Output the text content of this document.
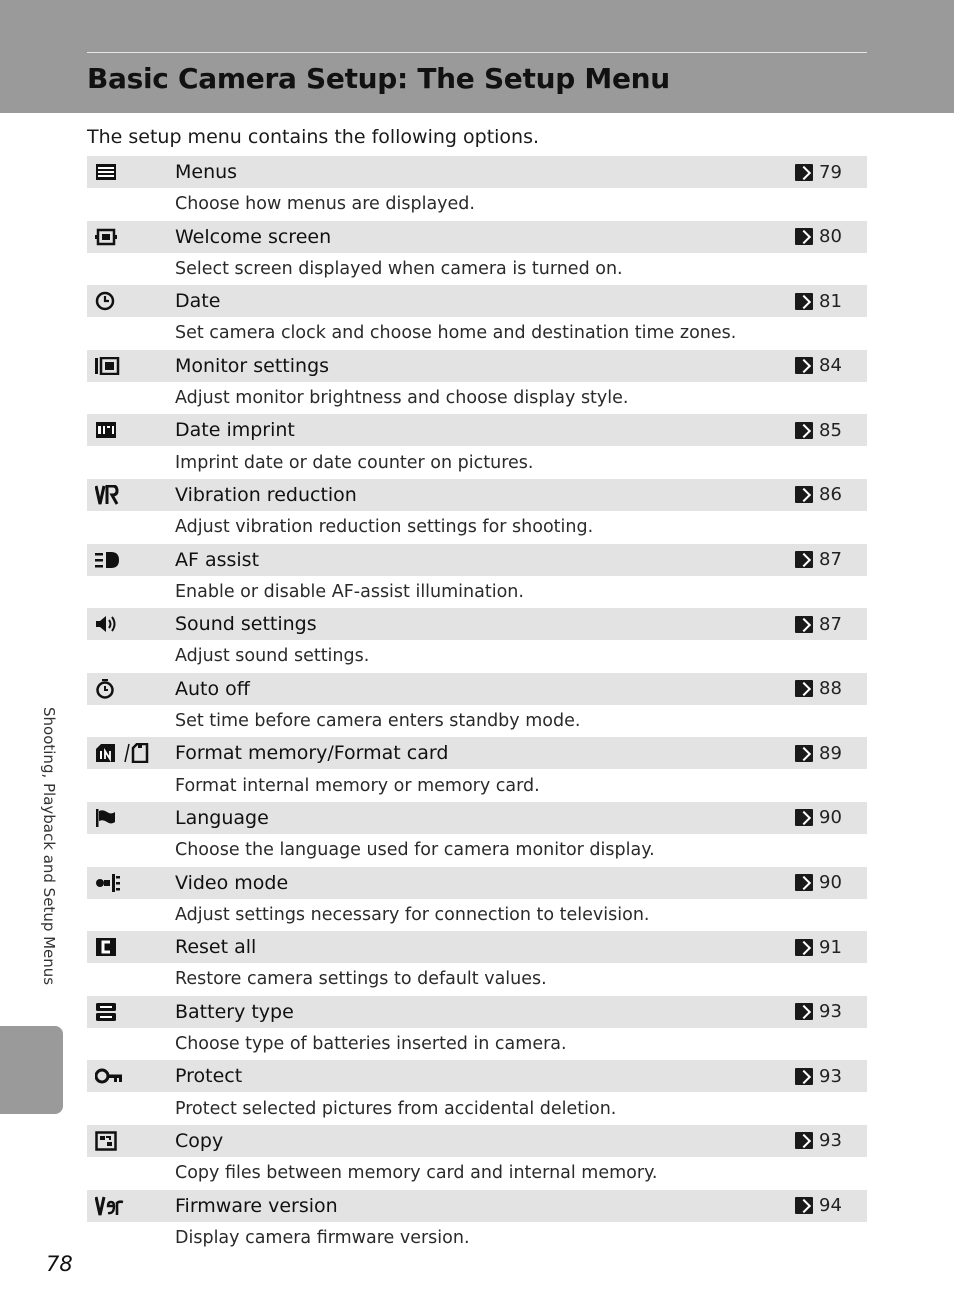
Basic Camera Setup: The Setup Menu
The setup menu contains the following options.
Menus	79
Choose how menus are displayed.
Welcome screen	80
Select screen displayed when camera is turned on.
Date	81
Set camera clock and choose home and destination time zones.
Monitor settings	84
Adjust monitor brightness and choose display style.
Date imprint	85
Imprint date or date counter on pictures.
Vibration reduction	86
Adjust vibration reduction settings for shooting.
AF assist	87
Enable or disable AF-assist illumination.
Sound settings	87
Adjust sound settings.
Auto off	88
Set time before camera enters standby mode.
Format memory/Format card	89
Format internal memory or memory card.
Language	90
Choose the language used for camera monitor display.
Video mode	90
Adjust settings necessary for connection to television.
Reset all	91
Restore camera settings to default values.
Battery type	93
Choose type of batteries inserted in camera.
Protect	93
Protect selected pictures from accidental deletion.
Copy	93
Copy files between memory card and internal memory.
Firmware version	94
Display camera firmware version.
Shooting, Playback and Setup Menus
78
